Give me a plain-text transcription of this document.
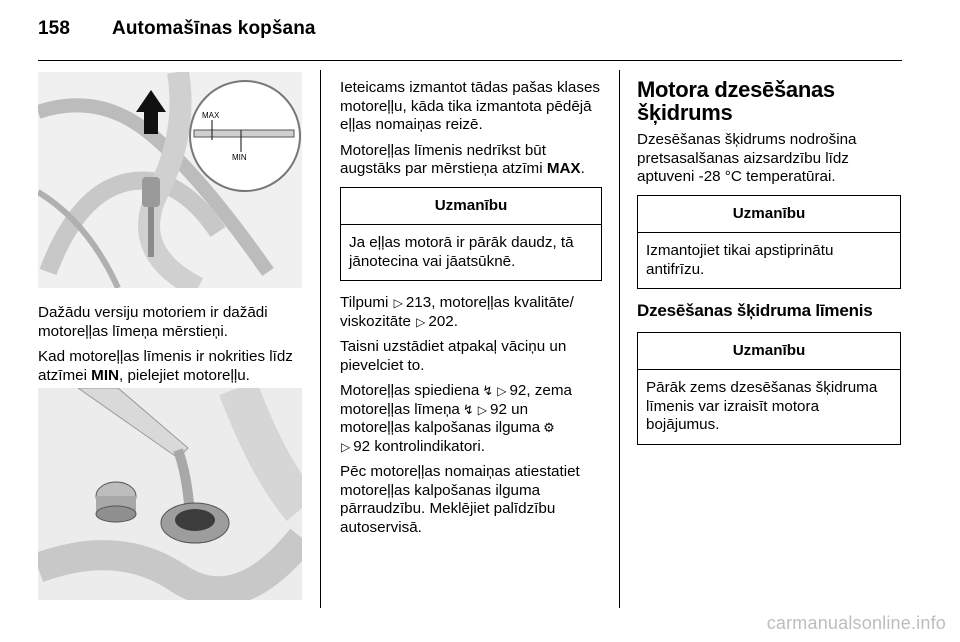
158 Automašīnas kopšana
MAX
MIN

Dažādu versiju motoriem ir dažādi motoreļļas līmeņa mērstieņi.

Kad motoreļļas līmenis ir nokrities līdz atzīmei MIN, pielejiet motoreļļu.

Ieteicams izmantot tādas pašas klases motoreļļu, kāda tika izmantota pēdējā eļļas nomaiņas reizē.

Motoreļļas līmenis nedrīkst būt augstāks par mērstieņa atzīmi MAX.

Uzmanību
Ja eļļas motorā ir pārāk daudz, tā jānotecina vai jāatsūknē.

Tilpumi ▷ 213, motoreļļas kvalitāte/ viskozitāte ▷ 202.

Taisni uzstādiet atpakaļ vāciņu un pievelciet to.

Motoreļļas spiediena ↯ ▷ 92, zema motoreļļas līmeņa ↯ ▷ 92 un motoreļļas kalpošanas ilguma ⚙
▷ 92 kontrolindikatori.

Pēc motoreļļas nomaiņas atiestatiet motoreļļas kalpošanas ilguma pārraudzību. Meklējiet palīdzību autoservisā.

Motora dzesēšanas šķidrums

Dzesēšanas šķidrums nodrošina pretsasalšanas aizsardzību līdz aptuveni -28 °C temperatūrai.

Uzmanību
Izmantojiet tikai apstiprinātu antifrīzu.
Dzesēšanas šķidruma līmenis
Uzmanību
Pārāk zems dzesēšanas šķidruma līmenis var izraisīt motora bojājumus.
carmanualsonline.info
